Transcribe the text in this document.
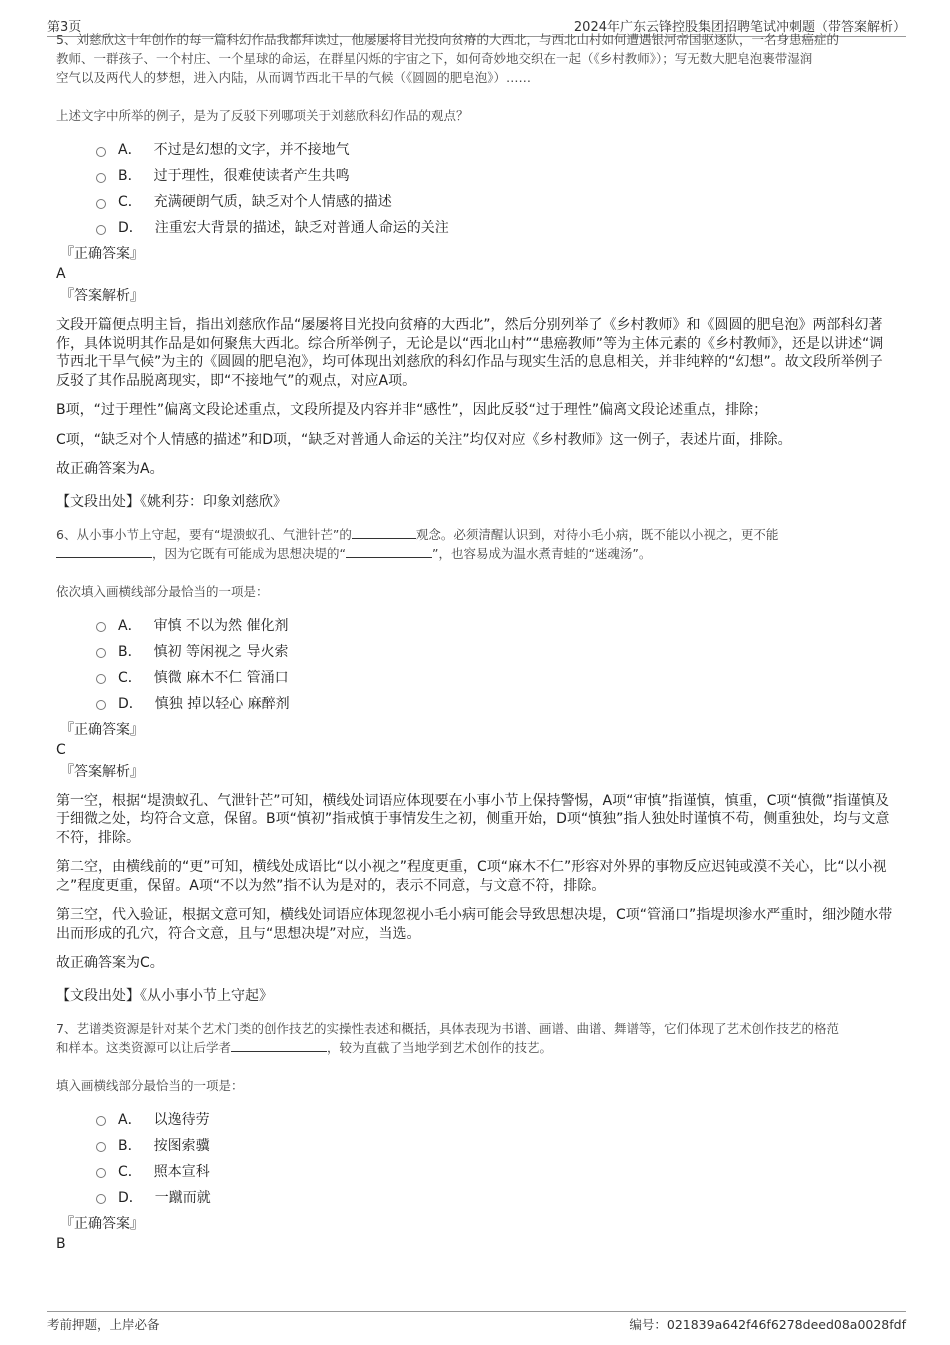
第3页	2024年广东云锋控股集团招聘笔试冲刺题（带答案解析）

5、刘慈欣这十年创作的每一篇科幻作品我都拜读过，他屡屡将目光投向贫瘠的大西北，与西北山村如何遭遇银河帝国驱逐队，一名身患癌症的
教师、一群孩子、一个村庄、一个星球的命运，在群星闪烁的宇宙之下，如何奇妙地交织在一起（《乡村教师》）；写无数大肥皂泡裹带湿润
空气以及两代人的梦想，进入内陆，从而调节西北干旱的气候（《圆圆的肥皂泡》）……

上述文字中所举的例子，是为了反驳下列哪项关于刘慈欣科幻作品的观点？

A． 不过是幻想的文字，并不接地气
B． 过于理性，很难使读者产生共鸣
C． 充满硬朗气质，缺乏对个人情感的描述
D． 注重宏大背景的描述，缺乏对普通人命运的关注

『正确答案』

A

『答案解析』

文段开篇便点明主旨，指出刘慈欣作品“屡屡将目光投向贫瘠的大西北”，然后分别列举了《乡村教师》和《圆圆的肥皂泡》两部科幻著作，具体说明其作品是如何聚焦大西北。综合所举例子，无论是以“西北山村”“患癌教师”等为主体元素的《乡村教师》，还是以讲述“调节西北干旱气候”为主的《圆圆的肥皂泡》，均可体现出刘慈欣的科幻作品与现实生活的息息相关，并非纯粹的“幻想”。故文段所举例子反驳了其作品脱离现实，即“不接地气”的观点，对应A项。

B项，“过于理性”偏离文段论述重点，文段所提及内容并非“感性”，因此反驳“过于理性”偏离文段论述重点，排除；

C项，“缺乏对个人情感的描述”和D项，“缺乏对普通人命运的关注”均仅对应《乡村教师》这一例子，表述片面，排除。

故正确答案为A。

【文段出处】《姚利芬：印象刘慈欣》

6、从小事小节上守起，要有“堤溃蚁孔、气泄针芒”的	观念。必须清醒认识到，对待小毛小病，既不能以小视之，更不能
，因为它既有可能成为思想决堤的“	”，也容易成为温水煮青蛙的“迷魂汤”。

依次填入画横线部分最恰当的一项是：

A． 审慎 不以为然 催化剂
B． 慎初 等闲视之 导火索
C． 慎微 麻木不仁 管涌口
D． 慎独 掉以轻心 麻醉剂

『正确答案』

C

『答案解析』

第一空，根据“堤溃蚁孔、气泄针芒”可知，横线处词语应体现要在小事小节上保持警惕，A项“审慎”指谨慎，慎重，C项“慎微”指谨慎及于细微之处，均符合文意，保留。B项“慎初”指戒慎于事情发生之初，侧重开始，D项“慎独”指人独处时谨慎不苟，侧重独处，均与文意不符，排除。

第二空，由横线前的“更”可知，横线处成语比“以小视之”程度更重，C项“麻木不仁”形容对外界的事物反应迟钝或漠不关心，比“以小视之”程度更重，保留。A项“不以为然”指不认为是对的，表示不同意，与文意不符，排除。

第三空，代入验证，根据文意可知，横线处词语应体现忽视小毛小病可能会导致思想决堤，C项“管涌口”指堤坝渗水严重时，细沙随水带出而形成的孔穴，符合文意，且与“思想决堤”对应，当选。

故正确答案为C。

【文段出处】《从小事小节上守起》

7、艺谱类资源是针对某个艺术门类的创作技艺的实操性表述和概括，具体表现为书谱、画谱、曲谱、舞谱等，它们体现了艺术创作技艺的格范
和样本。这类资源可以让后学者	，较为直截了当地学到艺术创作的技艺。

填入画横线部分最恰当的一项是：

A． 以逸待劳
B． 按图索骥
C． 照本宣科
D． 一蹴而就

『正确答案』

B

考前押题，上岸必备	编号：021839a642f46f6278deed08a0028fdf
